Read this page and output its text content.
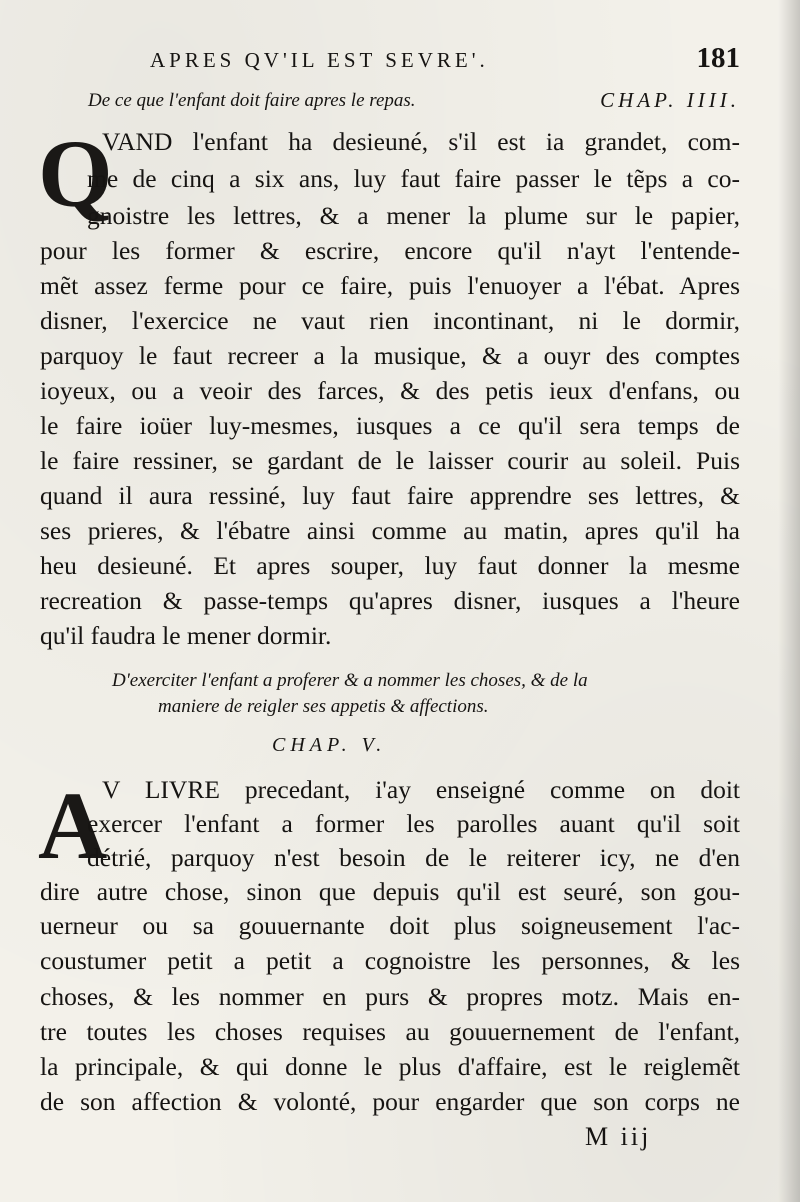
APRES QV'IL EST SEVRE'.	181
De ce que l'enfant doit faire apres le repas.	CHAP. IIII.
Q
VAND l'enfant ha desieuné, s'il est ia grandet, com-
me de cinq a six ans, luy faut faire passer le tẽps a co-
gnoistre les lettres, & a mener la plume sur le papier,
pour les former & escrire, encore qu'il n'ayt l'entende-
mẽt assez ferme pour ce faire, puis l'enuoyer a l'ébat. Apres
disner, l'exercice ne vaut rien incontinant, ni le dormir,
parquoy le faut recreer a la musique, & a ouyr des comptes
ioyeux, ou a veoir des farces, & des petis ieux d'enfans, ou
le faire ioüer luy-mesmes, iusques a ce qu'il sera temps de
le faire ressiner, se gardant de le laisser courir au soleil. Puis
quand il aura ressiné, luy faut faire apprendre ses lettres, &
ses prieres, & l'ébatre ainsi comme au matin, apres qu'il ha
heu desieuné. Et apres souper, luy faut donner la mesme
recreation & passe-temps qu'apres disner, iusques a l'heure
qu'il faudra le mener dormir.
D'exerciter l'enfant a proferer & a nommer les choses, & de la
maniere de reigler ses appetis & affections.
CHAP. V.
A
V LIVRE precedant, i'ay enseigné comme on doit
exercer l'enfant a former les parolles auant qu'il soit
détrié, parquoy n'est besoin de le reiterer icy, ne d'en
dire autre chose, sinon que depuis qu'il est seuré, son gou-
uerneur ou sa gouuernante doit plus soigneusement l'ac-
coustumer petit a petit a cognoistre les personnes, & les
choses, & les nommer en purs & propres motz. Mais en-
tre toutes les choses requises au gouuernement de l'enfant,
la principale, & qui donne le plus d'affaire, est le reiglemẽt
de son affection & volonté, pour engarder que son corps ne
M iij
